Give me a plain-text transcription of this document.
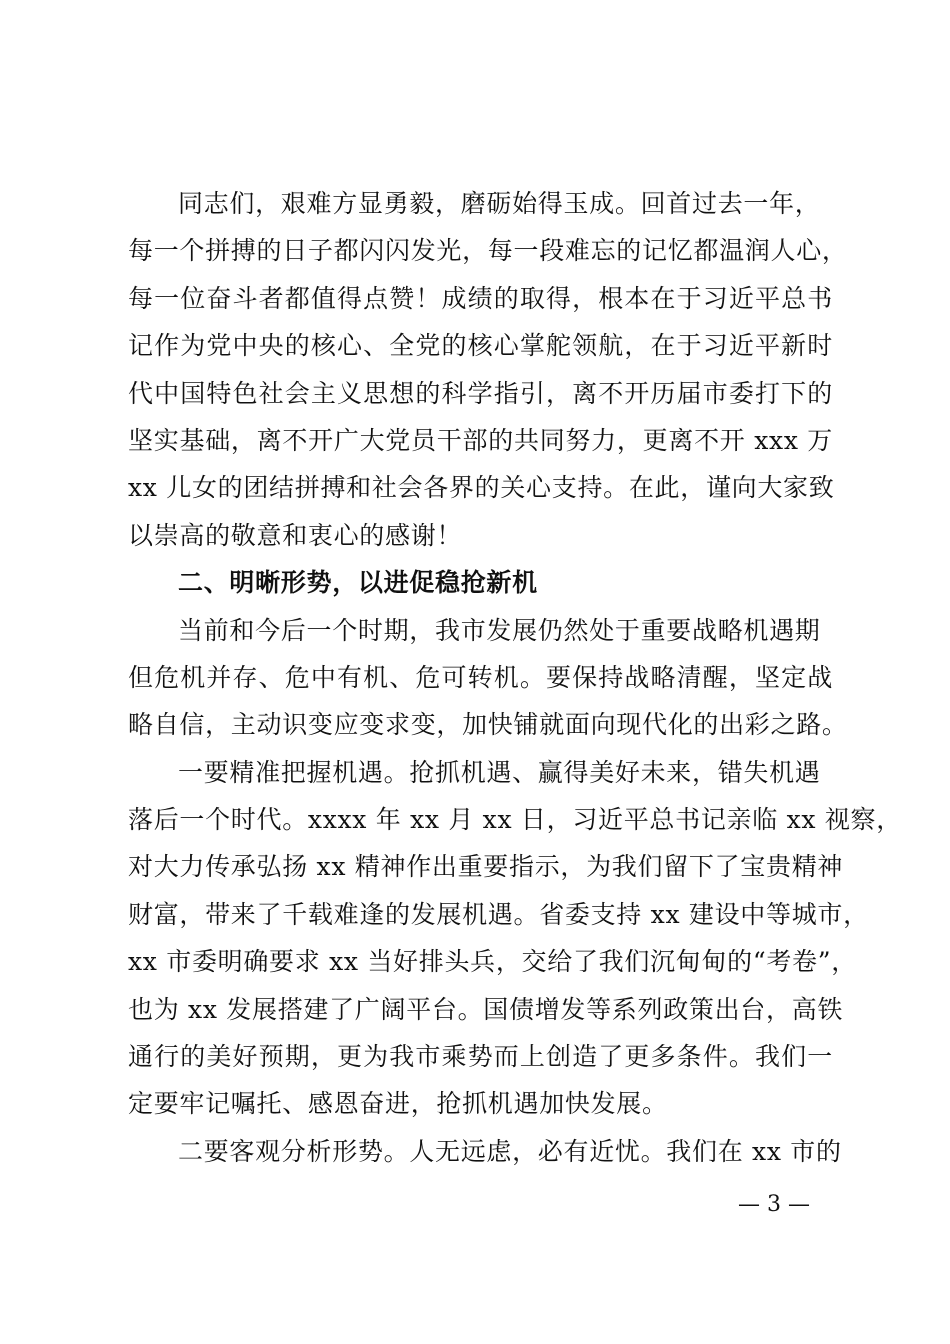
同志们，艰难方显勇毅，磨砺始得玉成。回首过去一年，
每一个拼搏的日子都闪闪发光，每一段难忘的记忆都温润人心，
每一位奋斗者都值得点赞！成绩的取得，根本在于习近平总书
记作为党中央的核心、全党的核心掌舵领航，在于习近平新时
代中国特色社会主义思想的科学指引，离不开历届市委打下的
坚实基础，离不开广大党员干部的共同努力，更离不开 xxx 万
xx 儿女的团结拼搏和社会各界的关心支持。在此，谨向大家致
以崇高的敬意和衷心的感谢！
二、明晰形势，以进促稳抢新机
当前和今后一个时期，我市发展仍然处于重要战略机遇期
但危机并存、危中有机、危可转机。要保持战略清醒，坚定战
略自信，主动识变应变求变，加快铺就面向现代化的出彩之路。
一要精准把握机遇。抢抓机遇、赢得美好未来，错失机遇
落后一个时代。xxxx 年 xx 月 xx 日，习近平总书记亲临 xx 视察，
对大力传承弘扬 xx 精神作出重要指示，为我们留下了宝贵精神
财富，带来了千载难逢的发展机遇。省委支持 xx 建设中等城市，
xx 市委明确要求 xx 当好排头兵，交给了我们沉甸甸的“考卷”，
也为 xx 发展搭建了广阔平台。国债增发等系列政策出台，高铁
通行的美好预期，更为我市乘势而上创造了更多条件。我们一
定要牢记嘱托、感恩奋进，抢抓机遇加快发展。
二要客观分析形势。人无远虑，必有近忧。我们在 xx 市的
— 3 —
